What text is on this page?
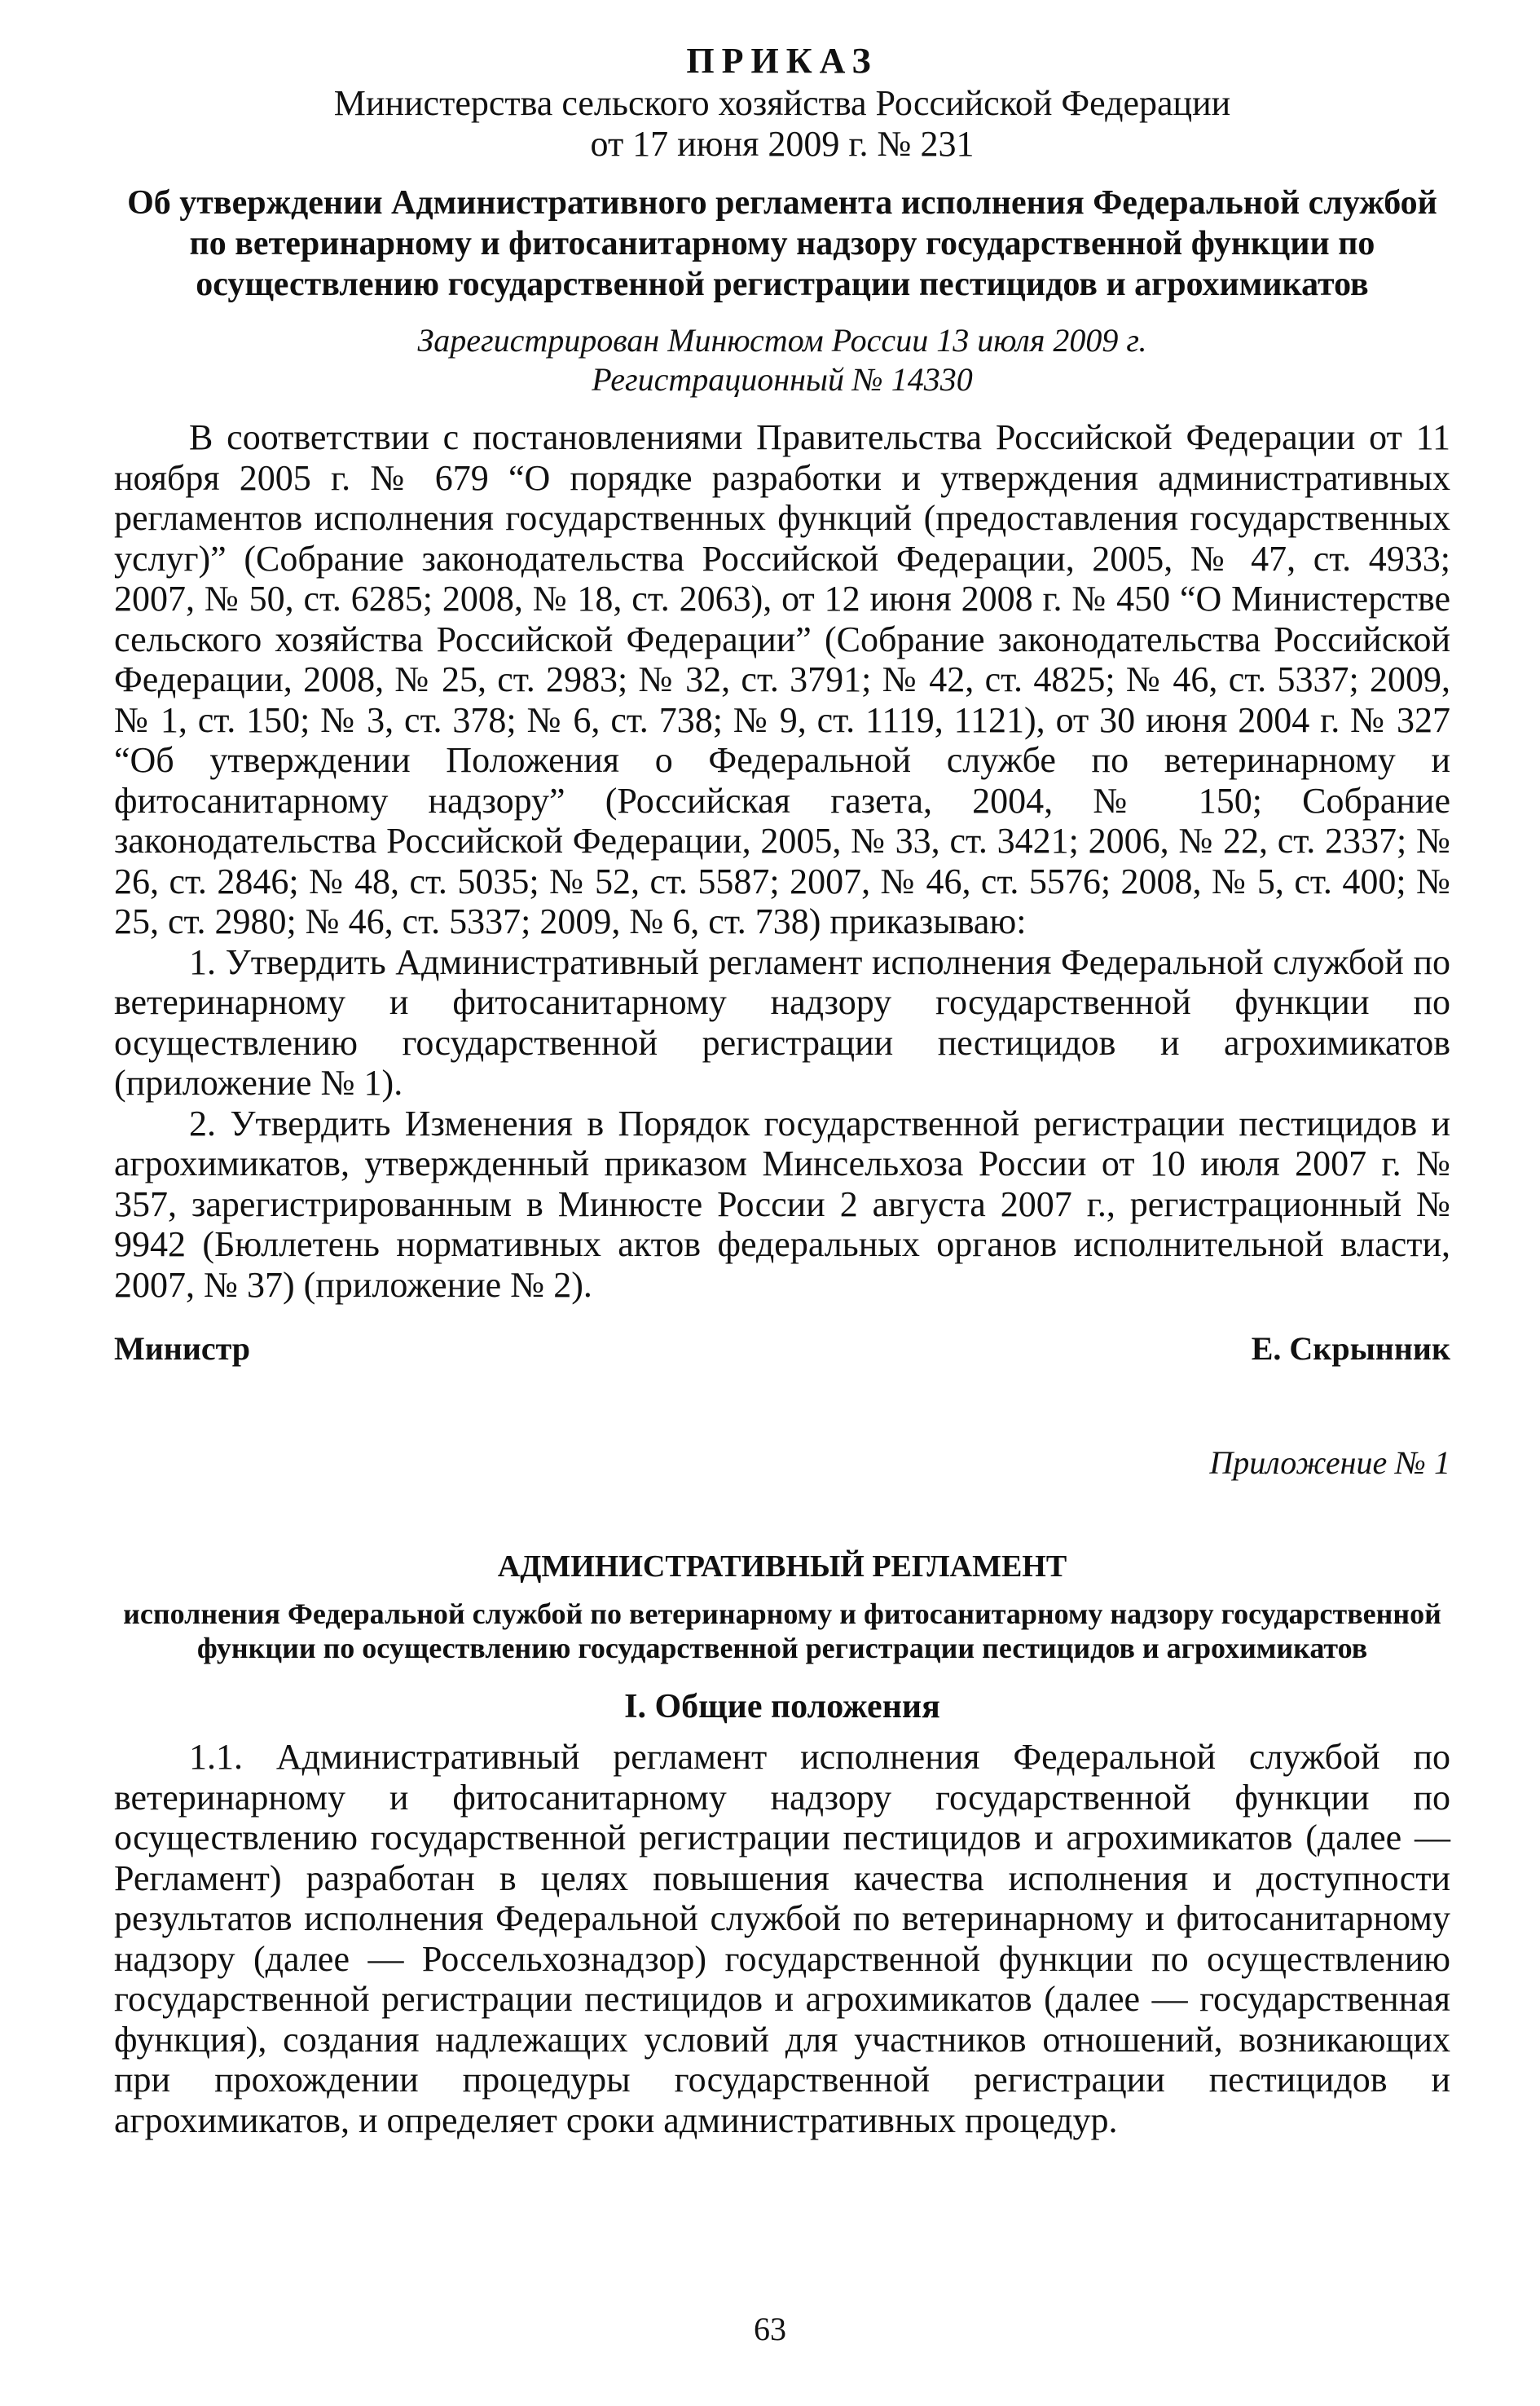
ПРИКАЗ

Министерства сельского хозяйства Российской Федерации

от 17 июня 2009 г. № 231

Об утверждении Административного регламента исполнения Федеральной службой по ветеринарному и фитосанитарному надзору государственной функции по осуществлению государственной регистрации пестицидов и агрохимикатов

Зарегистрирован Минюстом России 13 июля 2009 г.
Регистрационный № 14330

В соответствии с постановлениями Правительства Российской Федерации от 11 ноября 2005 г. № 679 “О порядке разработки и утверждения административных регламентов исполнения государственных функций (предоставления государственных услуг)” (Собрание законодательства Российской Федерации, 2005, № 47, ст. 4933; 2007, № 50, ст. 6285; 2008, № 18, ст. 2063), от 12 июня 2008 г. № 450 “О Министерстве сельского хозяйства Российской Федерации” (Собрание законодательства Российской Федерации, 2008, № 25, ст. 2983; № 32, ст. 3791; № 42, ст. 4825; № 46, ст. 5337; 2009, № 1, ст. 150; № 3, ст. 378; № 6, ст. 738; № 9, ст. 1119, 1121), от 30 июня 2004 г. № 327 “Об утверждении Положения о Федеральной службе по ветеринарному и фитосанитарному надзору” (Российская газета, 2004, № 150; Собрание законодательства Российской Федерации, 2005, № 33, ст. 3421; 2006, № 22, ст. 2337; № 26, ст. 2846; № 48, ст. 5035; № 52, ст. 5587; 2007, № 46, ст. 5576; 2008, № 5, ст. 400; № 25, ст. 2980; № 46, ст. 5337; 2009, № 6, ст. 738) приказываю:

1. Утвердить Административный регламент исполнения Федеральной службой по ветеринарному и фитосанитарному надзору государственной функции по осуществлению государственной регистрации пестицидов и агрохимикатов (приложение № 1).

2. Утвердить Изменения в Порядок государственной регистрации пестицидов и агрохимикатов, утвержденный приказом Минсельхоза России от 10 июля 2007 г. № 357, зарегистрированным в Минюсте России 2 августа 2007 г., регистрационный № 9942 (Бюллетень нормативных актов федеральных органов исполнительной власти, 2007, № 37) (приложение № 2).

Министр	Е. Скрынник
Приложение № 1
АДМИНИСТРАТИВНЫЙ РЕГЛАМЕНТ
исполнения Федеральной службой по ветеринарному и фитосанитарному надзору государственной функции по осуществлению государственной регистрации пестицидов и агрохимикатов
I. Общие положения

1.1. Административный регламент исполнения Федеральной службой по ветеринарному и фитосанитарному надзору государственной функции по осуществлению государственной регистрации пестицидов и агрохимикатов (далее — Регламент) разработан в целях повышения качества исполнения и доступности результатов исполнения Федеральной службой по ветеринарному и фитосанитарному надзору (далее — Россельхознадзор) государственной функции по осуществлению государственной регистрации пестицидов и агрохимикатов (далее — государственная функция), создания надлежащих условий для участников отношений, возникающих при прохождении процедуры государственной регистрации пестицидов и агрохимикатов, и определяет сроки административных процедур.

63
